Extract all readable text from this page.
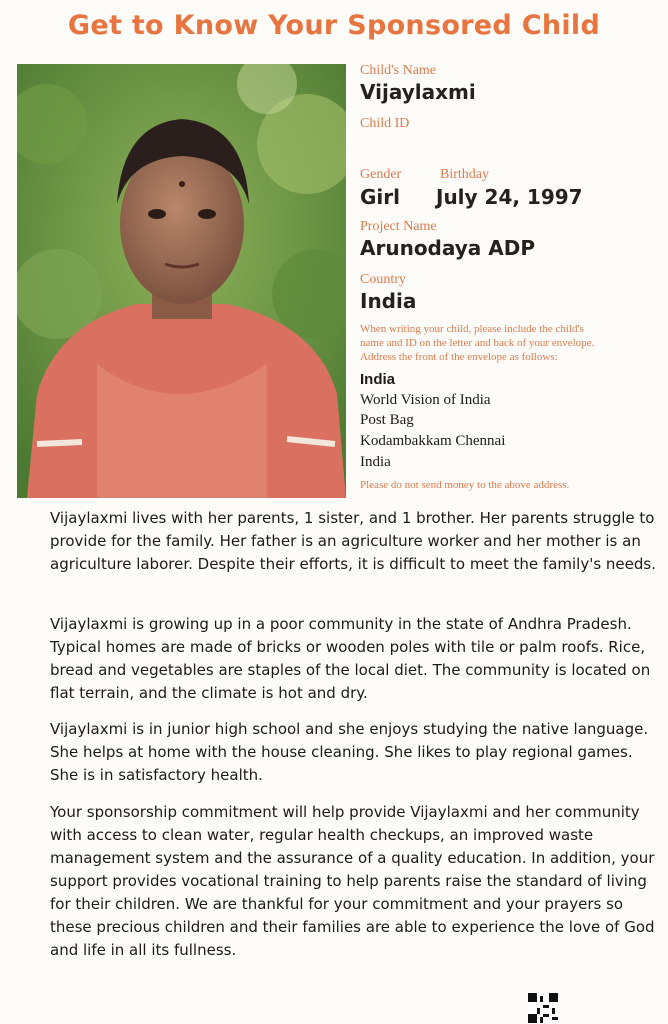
Get to Know Your Sponsored Child
Child's Name
Vijaylaxmi
Child ID
Gender	Birthday
Girl July 24, 1997
Project Name
Arunodaya ADP
Country
India
When writing your child, please include the child's
name and ID on the letter and back of your envelope.
Address the front of the envelope as follows:
India
World Vision of India
Post Bag
Kodambakkam Chennai
India
Please do not send money to the above address.

Vijaylaxmi lives with her parents, 1 sister, and 1 brother. Her parents struggle to provide for the family. Her father is an agriculture worker and her mother is an agriculture laborer. Despite their efforts, it is difficult to meet the family's needs.

Vijaylaxmi is growing up in a poor community in the state of Andhra Pradesh. Typical homes are made of bricks or wooden poles with tile or palm roofs. Rice, bread and vegetables are staples of the local diet. The community is located on flat terrain, and the climate is hot and dry.

Vijaylaxmi is in junior high school and she enjoys studying the native language. She helps at home with the house cleaning. She likes to play regional games. She is in satisfactory health.

Your sponsorship commitment will help provide Vijaylaxmi and her community with access to clean water, regular health checkups, an improved waste management system and the assurance of a quality education. In addition, your support provides vocational training to help parents raise the standard of living for their children. We are thankful for your commitment and your prayers so these precious children and their families are able to experience the love of God and life in all its fullness.
